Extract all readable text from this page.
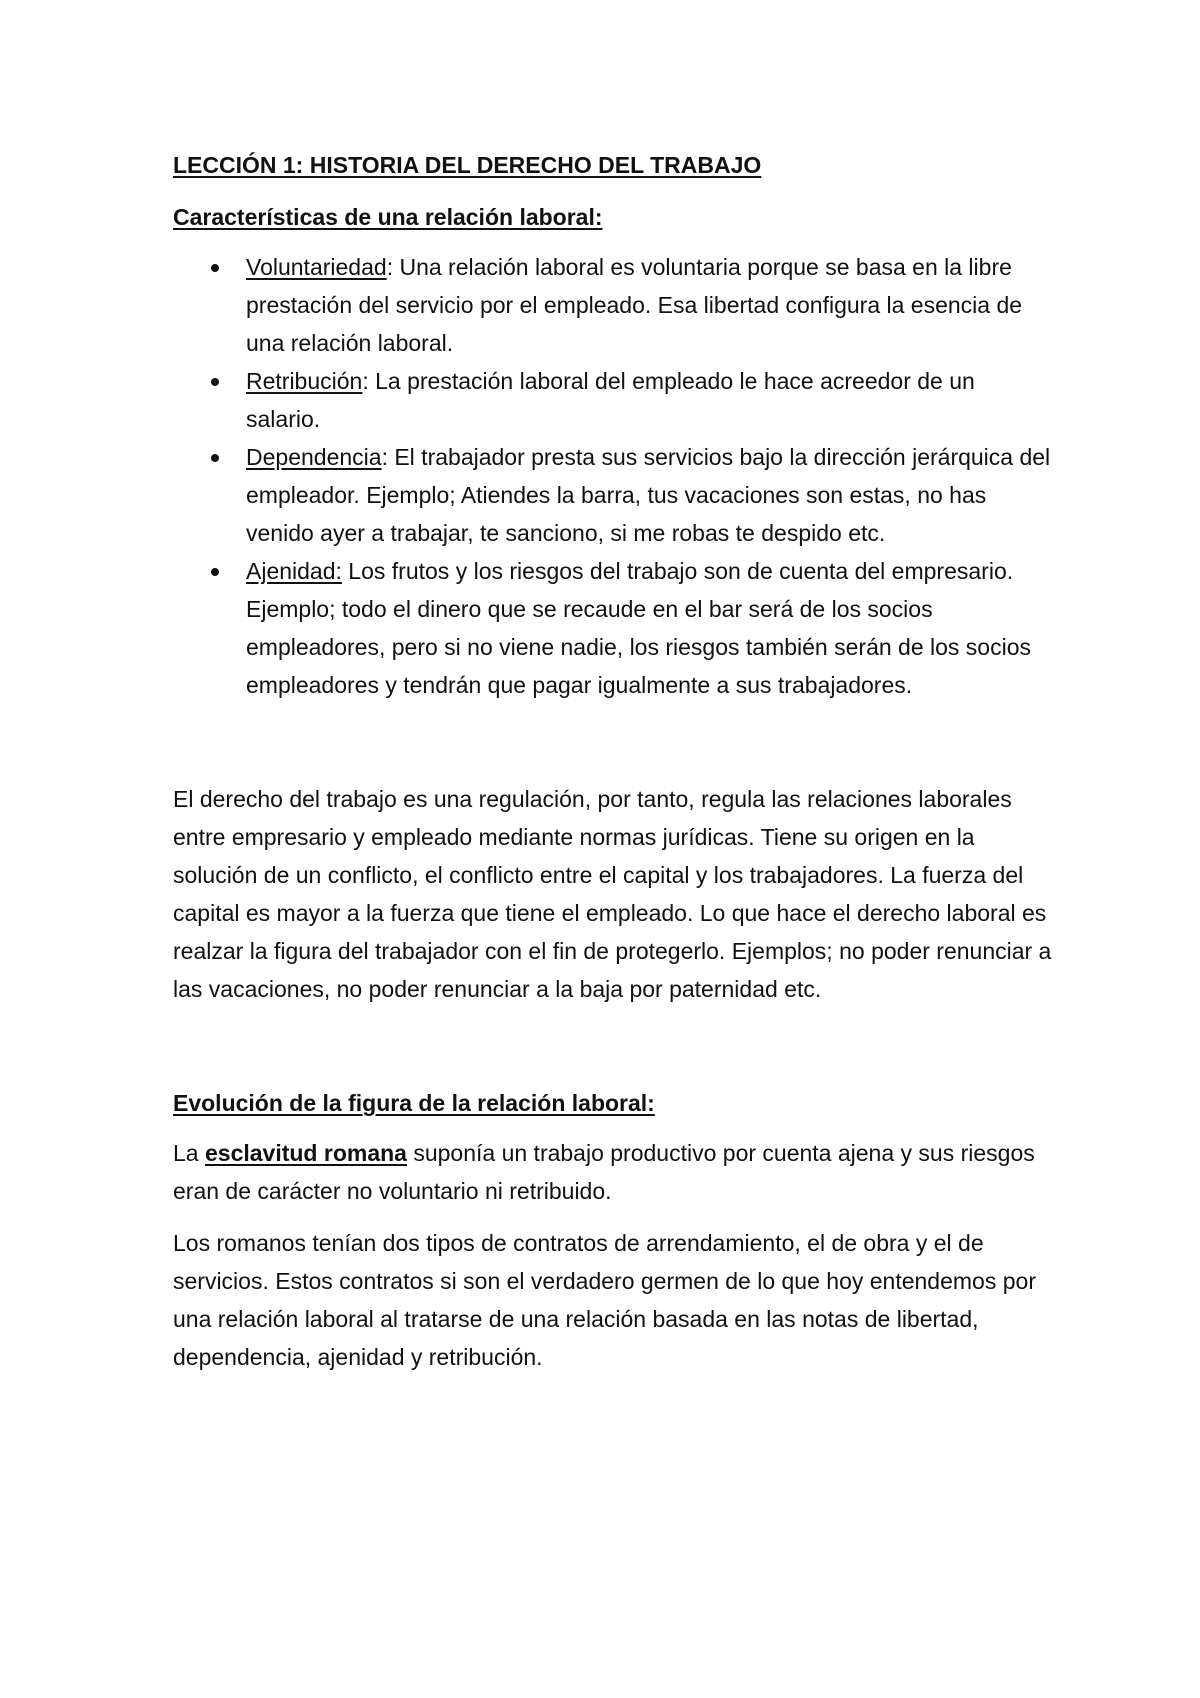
LECCIÓN 1: HISTORIA DEL DERECHO DEL TRABAJO

Características de una relación laboral:

Voluntariedad: Una relación laboral es voluntaria porque se basa en la libre prestación del servicio por el empleado. Esa libertad configura la esencia de una relación laboral.
Retribución: La prestación laboral del empleado le hace acreedor de un salario.
Dependencia: El trabajador presta sus servicios bajo la dirección jerárquica del empleador. Ejemplo; Atiendes la barra, tus vacaciones son estas, no has venido ayer a trabajar, te sanciono, si me robas te despido etc.
Ajenidad: Los frutos y los riesgos del trabajo son de cuenta del empresario. Ejemplo; todo el dinero que se recaude en el bar será de los socios empleadores, pero si no viene nadie, los riesgos también serán de los socios empleadores y tendrán que pagar igualmente a sus trabajadores.

El derecho del trabajo es una regulación, por tanto, regula las relaciones laborales entre empresario y empleado mediante normas jurídicas. Tiene su origen en la solución de un conflicto, el conflicto entre el capital y los trabajadores. La fuerza del capital es mayor a la fuerza que tiene el empleado. Lo que hace el derecho laboral es realzar la figura del trabajador con el fin de protegerlo. Ejemplos; no poder renunciar a las vacaciones, no poder renunciar a la baja por paternidad etc.

Evolución de la figura de la relación laboral:

La esclavitud romana suponía un trabajo productivo por cuenta ajena y sus riesgos eran de carácter no voluntario ni retribuido.

Los romanos tenían dos tipos de contratos de arrendamiento, el de obra y el de servicios. Estos contratos si son el verdadero germen de lo que hoy entendemos por una relación laboral al tratarse de una relación basada en las notas de libertad, dependencia, ajenidad y retribución.
